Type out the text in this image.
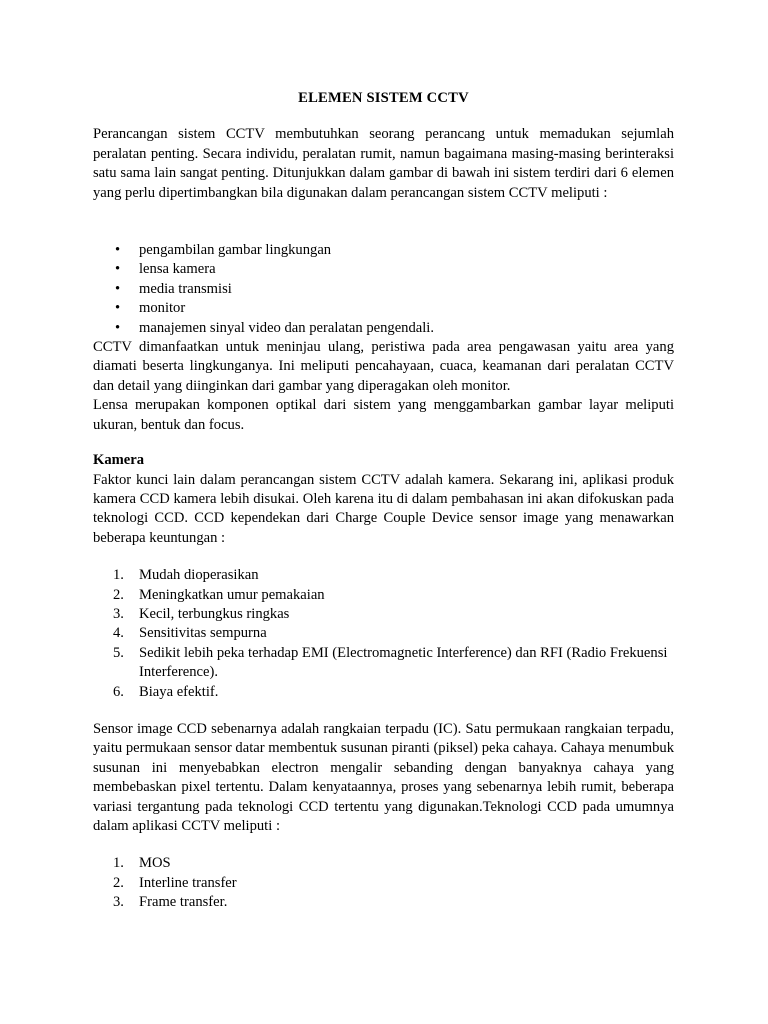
ELEMEN SISTEM CCTV

Perancangan sistem CCTV membutuhkan seorang perancang untuk memadukan sejumlah peralatan penting. Secara individu, peralatan rumit, namun bagaimana masing-masing berinteraksi satu sama lain sangat penting. Ditunjukkan dalam gambar di bawah ini sistem terdiri dari 6 elemen yang perlu dipertimbangkan bila digunakan dalam perancangan sistem CCTV meliputi :

• pengambilan gambar lingkungan
• lensa kamera
• media transmisi
• monitor
• manajemen sinyal video dan peralatan pengendali.

CCTV dimanfaatkan untuk meninjau ulang, peristiwa pada area pengawasan yaitu area yang diamati beserta lingkunganya. Ini meliputi pencahayaan, cuaca, keamanan dari peralatan CCTV dan detail yang diinginkan dari gambar yang diperagakan oleh monitor.

Lensa merupakan komponen optikal dari sistem yang menggambarkan gambar layar meliputi ukuran, bentuk dan focus.

Kamera

Faktor kunci lain dalam perancangan sistem CCTV adalah kamera. Sekarang ini, aplikasi produk kamera CCD kamera lebih disukai. Oleh karena itu di dalam pembahasan ini akan difokuskan pada teknologi CCD. CCD kependekan dari Charge Couple Device sensor image yang menawarkan beberapa keuntungan :

1. Mudah dioperasikan
2. Meningkatkan umur pemakaian
3. Kecil, terbungkus ringkas
4. Sensitivitas sempurna
5. Sedikit lebih peka terhadap EMI (Electromagnetic Interference) dan RFI (Radio Frekuensi Interference).
6. Biaya efektif.

Sensor image CCD sebenarnya adalah rangkaian terpadu (IC). Satu permukaan rangkaian terpadu, yaitu permukaan sensor datar membentuk susunan piranti (piksel) peka cahaya. Cahaya menumbuk susunan ini menyebabkan electron mengalir sebanding dengan banyaknya cahaya yang membebaskan pixel tertentu. Dalam kenyataannya, proses yang sebenarnya lebih rumit, beberapa variasi tergantung pada teknologi CCD tertentu yang digunakan.Teknologi CCD pada umumnya dalam aplikasi CCTV meliputi :

1. MOS
2. Interline transfer
3. Frame transfer.
